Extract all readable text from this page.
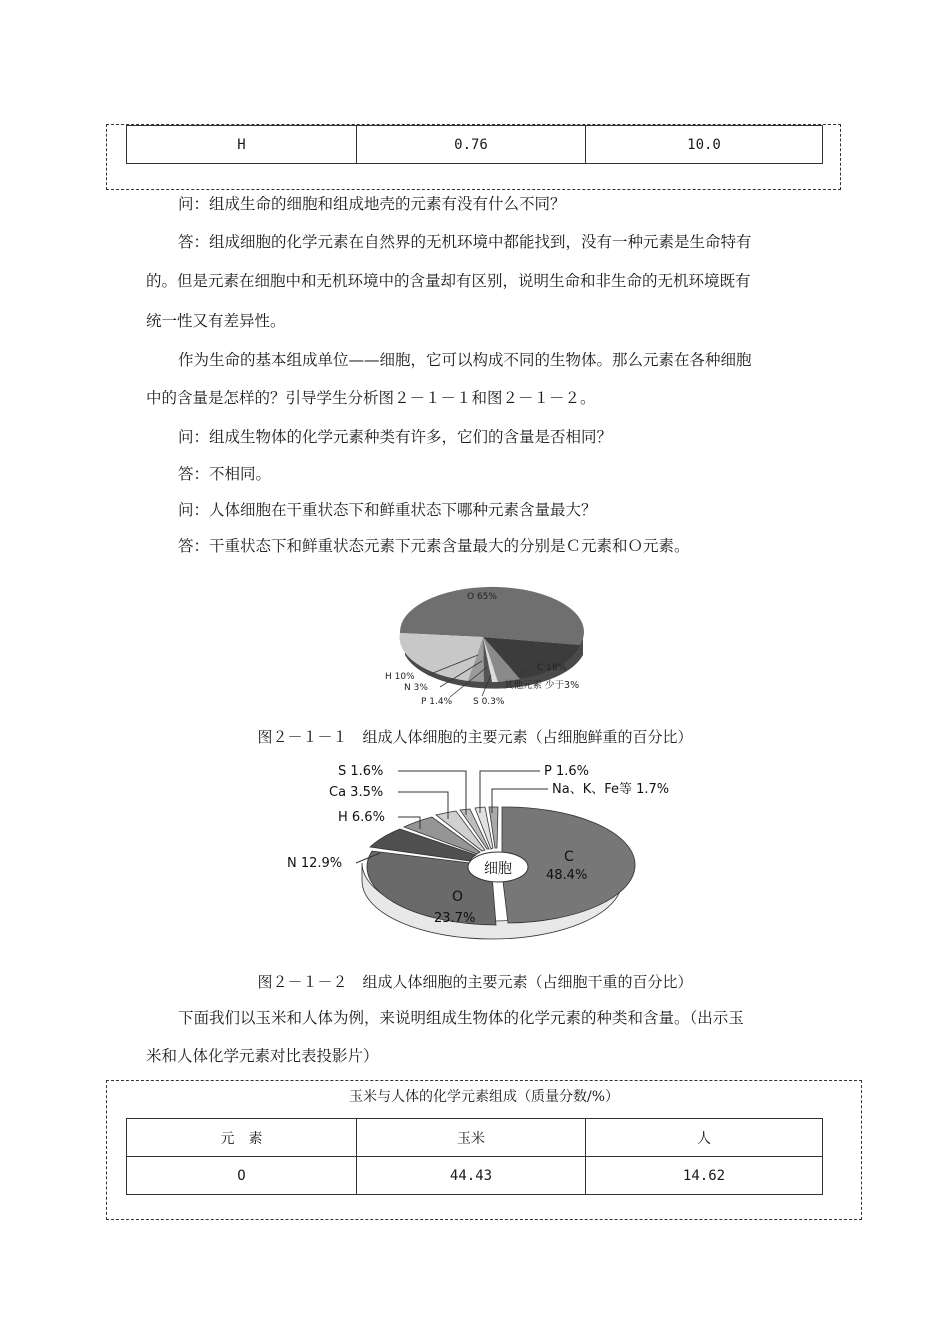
H	0.76	10.0
问：组成生命的细胞和组成地壳的元素有没有什么不同？
答：组成细胞的化学元素在自然界的无机环境中都能找到，没有一种元素是生命特有
的。但是元素在细胞中和无机环境中的含量却有区别，说明生命和非生命的无机环境既有
统一性又有差异性。
作为生命的基本组成单位——细胞，它可以构成不同的生物体。那么元素在各种细胞
中的含量是怎样的？引导学生分析图２－１－１和图２－１－２。
问：组成生物体的化学元素种类有许多，它们的含量是否相同？
答：不相同。
问：人体细胞在干重状态下和鲜重状态下哪种元素含量最大？
答：干重状态下和鲜重状态元素下元素含量最大的分别是Ｃ元素和Ｏ元素。
O 65%
C 18%
其他元素 少于3%
H 10%
N 3%
P 1.4% S 0.3%
图２－１－１　组成人体细胞的主要元素（占细胞鲜重的百分比）
细胞
S 1.6%
Ca 3.5%
H 6.6%
N 12.9%
P 1.6%
Na、K、Fe等 1.7%
C
48.4%
O
23.7%
图２－１－２　组成人体细胞的主要元素（占细胞干重的百分比）
下面我们以玉米和人体为例，来说明组成生物体的化学元素的种类和含量。（出示玉
米和人体化学元素对比表投影片）
玉米与人体的化学元素组成（质量分数/%）
元　素	玉米	人
O	44.43	14.62
